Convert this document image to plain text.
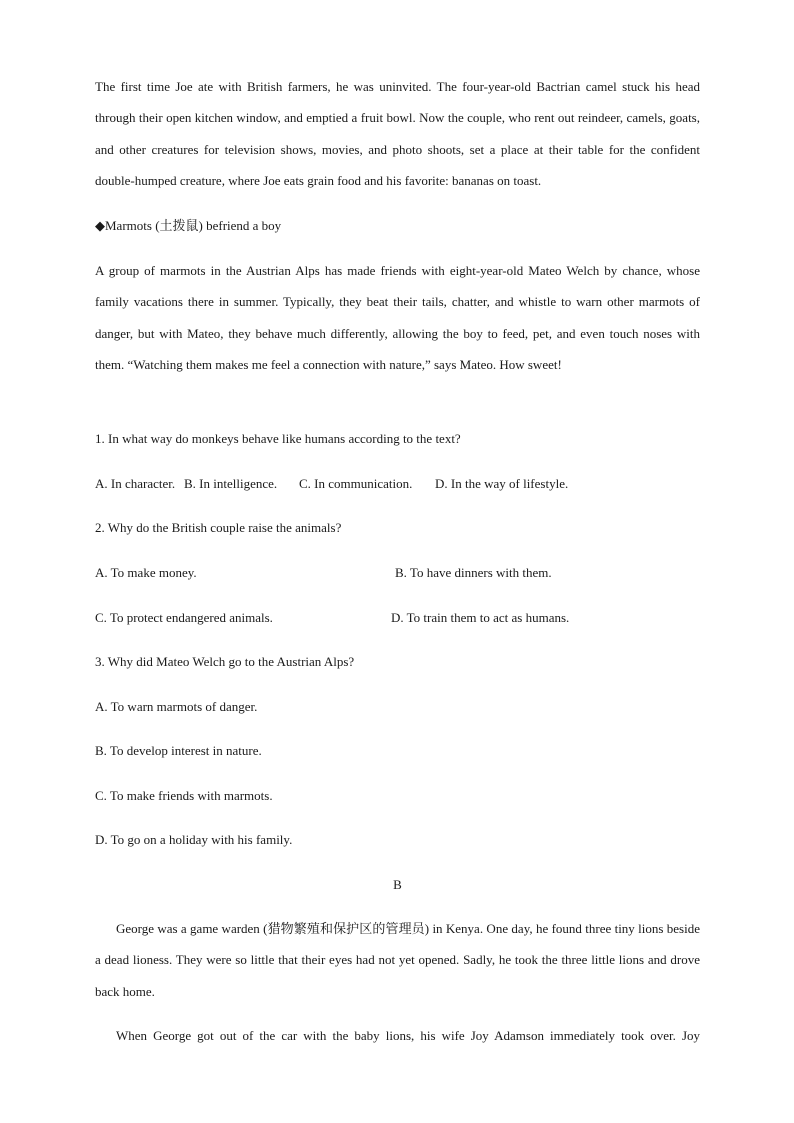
The first time Joe ate with British farmers, he was uninvited. The four-year-old Bactrian camel stuck his head through their open kitchen window, and emptied a fruit bowl. Now the couple, who rent out reindeer, camels, goats, and other creatures for television shows, movies, and photo shoots, set a place at their table for the confident double-humped creature, where Joe eats grain food and his favorite: bananas on toast.

◆Marmots (土拨鼠) befriend a boy

A group of marmots in the Austrian Alps has made friends with eight-year-old Mateo Welch by chance, whose family vacations there in summer. Typically, they beat their tails, chatter, and whistle to warn other marmots of danger, but with Mateo, they behave much differently, allowing the boy to feed, pet, and even touch noses with them. “Watching them makes me feel a connection with nature,” says Mateo. How sweet!

1. In what way do monkeys behave like humans according to the text?

A. In character. B. In intelligence. C. In communication. D. In the way of lifestyle.

2. Why do the British couple raise the animals?

A. To make money.	B. To have dinners with them.
C. To protect endangered animals.	D. To train them to act as humans.

3. Why did Mateo Welch go to the Austrian Alps?

A. To warn marmots of danger.

B. To develop interest in nature.

C. To make friends with marmots.

D. To go on a holiday with his family.

B

George was a game warden (猎物繁殖和保护区的管理员) in Kenya. One day, he found three tiny lions beside a dead lioness. They were so little that their eyes had not yet opened. Sadly, he took the three little lions and drove back home.

When George got out of the car with the baby lions, his wife Joy Adamson immediately took over. Joy
